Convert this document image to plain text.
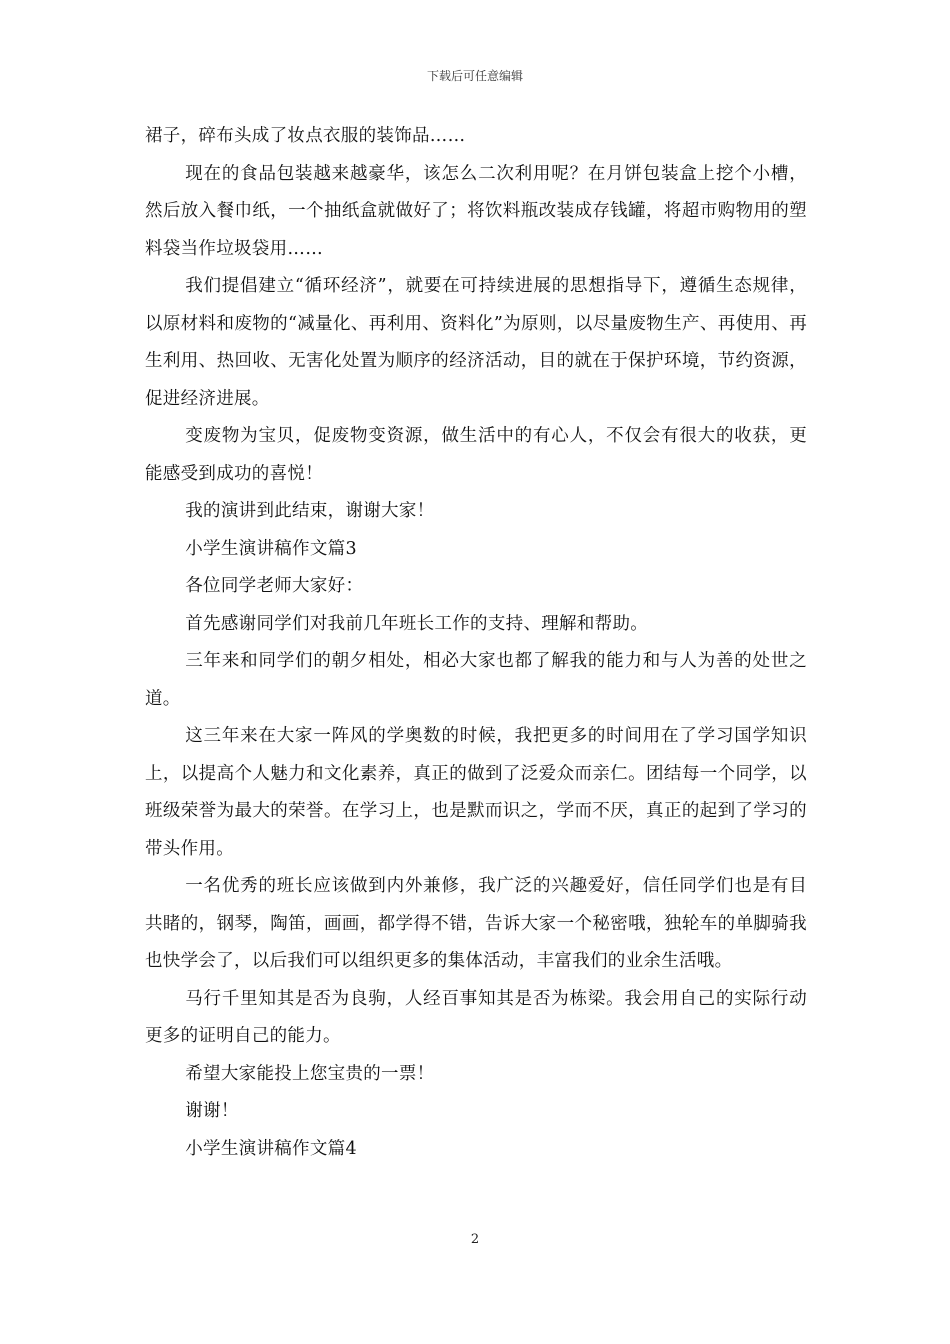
下载后可任意编辑

裙子，碎布头成了妆点衣服的装饰品……

现在的食品包装越来越豪华，该怎么二次利用呢？在月饼包装盒上挖个小槽，然后放入餐巾纸，一个抽纸盒就做好了；将饮料瓶改装成存钱罐，将超市购物用的塑料袋当作垃圾袋用……

我们提倡建立“循环经济”，就要在可持续进展的思想指导下，遵循生态规律，以原材料和废物的“减量化、再利用、资料化”为原则，以尽量废物生产、再使用、再生利用、热回收、无害化处置为顺序的经济活动，目的就在于保护环境，节约资源，促进经济进展。

变废物为宝贝，促废物变资源，做生活中的有心人，不仅会有很大的收获，更能感受到成功的喜悦！

我的演讲到此结束，谢谢大家！

小学生演讲稿作文篇3

各位同学老师大家好：

首先感谢同学们对我前几年班长工作的支持、理解和帮助。

三年来和同学们的朝夕相处，相必大家也都了解我的能力和与人为善的处世之道。

这三年来在大家一阵风的学奥数的时候，我把更多的时间用在了学习国学知识上，以提高个人魅力和文化素养，真正的做到了泛爱众而亲仁。团结每一个同学，以班级荣誉为最大的荣誉。在学习上，也是默而识之，学而不厌，真正的起到了学习的带头作用。

一名优秀的班长应该做到内外兼修，我广泛的兴趣爱好，信任同学们也是有目共睹的，钢琴，陶笛，画画，都学得不错，告诉大家一个秘密哦，独轮车的单脚骑我也快学会了，以后我们可以组织更多的集体活动，丰富我们的业余生活哦。

马行千里知其是否为良驹，人经百事知其是否为栋梁。我会用自己的实际行动更多的证明自己的能力。

希望大家能投上您宝贵的一票！

谢谢！

小学生演讲稿作文篇4

2
